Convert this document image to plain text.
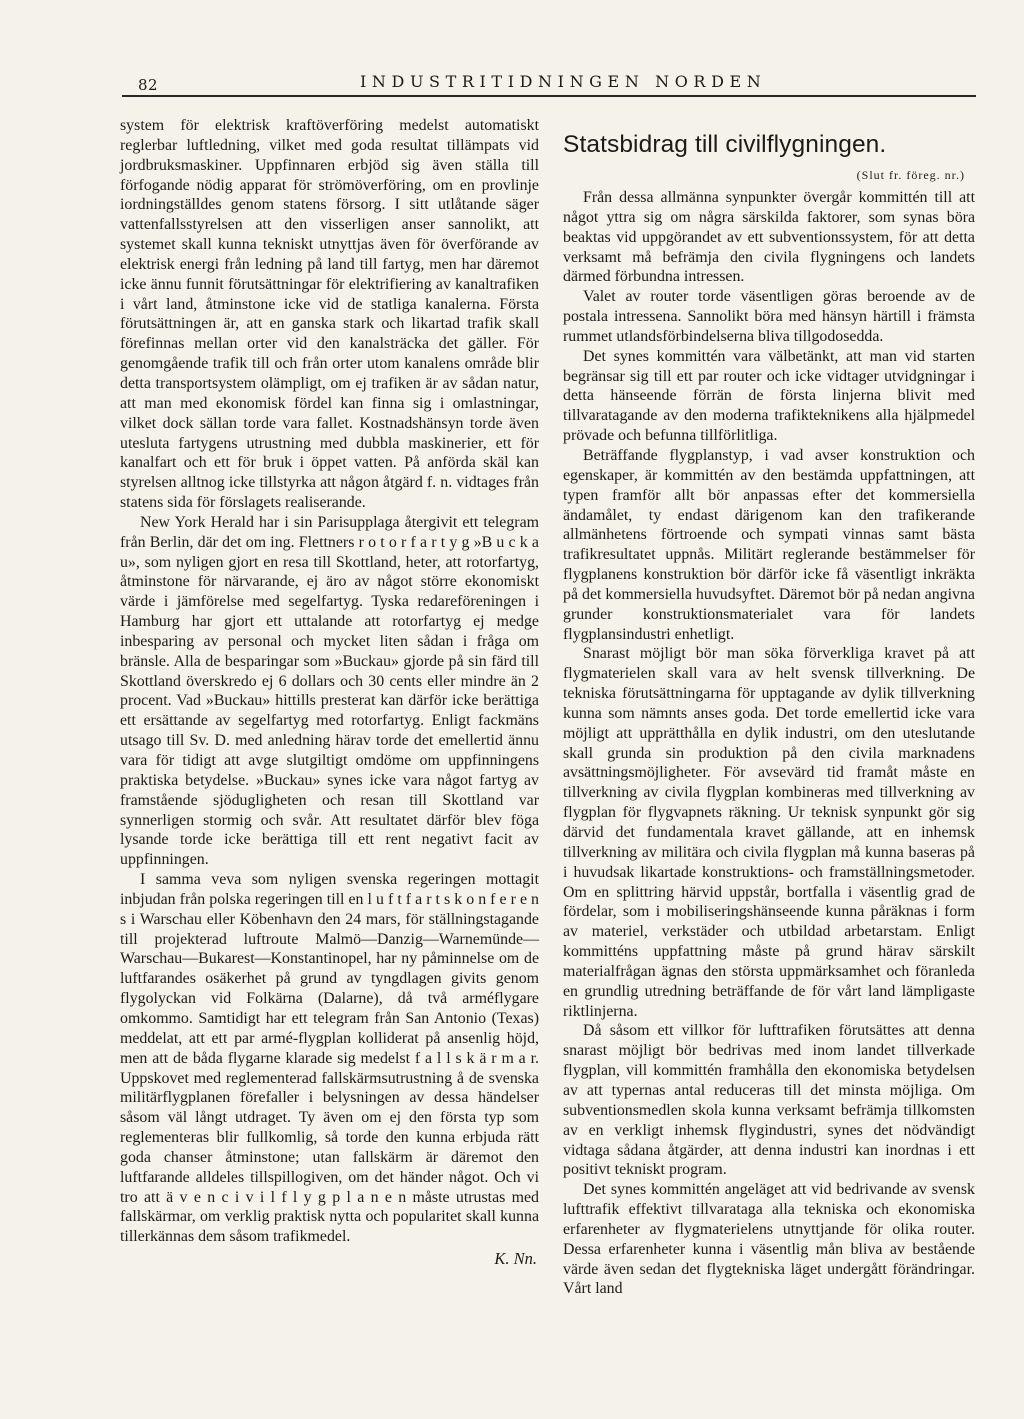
82	INDUSTRITIDNINGEN NORDEN

system för elektrisk kraftöverföring medelst automatiskt reglerbar luftledning, vilket med goda resultat tillämpats vid jordbruksmaskiner. Uppfinnaren erbjöd sig även ställa till förfogande nödig apparat för strömöverföring, om en provlinje iordningställdes genom statens försorg. I sitt utlåtande säger vattenfallsstyrelsen att den visserligen anser sannolikt, att systemet skall kunna tekniskt utnyttjas även för överförande av elektrisk energi från ledning på land till fartyg, men har däremot icke ännu funnit förutsättningar för elektrifiering av kanaltrafiken i vårt land, åtminstone icke vid de statliga kanalerna. Första förutsättningen är, att en ganska stark och likartad trafik skall förefinnas mellan orter vid den kanalsträcka det gäller. För genomgående trafik till och från orter utom kanalens område blir detta transportsystem olämpligt, om ej trafiken är av sådan natur, att man med ekonomisk fördel kan finna sig i omlastningar, vilket dock sällan torde vara fallet. Kostnadshänsyn torde även utesluta fartygens utrustning med dubbla maskinerier, ett för kanalfart och ett för bruk i öppet vatten. På anförda skäl kan styrelsen alltnog icke tillstyrka att någon åtgärd f. n. vidtages från statens sida för förslagets realiserande.

New York Herald har i sin Parisupplaga återgivit ett telegram från Berlin, där det om ing. Flettners r o t o r f a r t y g »B u c k a u», som nyligen gjort en resa till Skottland, heter, att rotorfartyg, åtminstone för närvarande, ej äro av något större ekonomiskt värde i jämförelse med segelfartyg. Tyska redareföreningen i Hamburg har gjort ett uttalande att rotorfartyg ej medge inbesparing av personal och mycket liten sådan i fråga om bränsle. Alla de besparingar som »Buckau» gjorde på sin färd till Skottland överskredo ej 6 dollars och 30 cents eller mindre än 2 procent. Vad »Buckau» hittills presterat kan därför icke berättiga ett ersättande av segelfartyg med rotorfartyg. Enligt fackmäns utsago till Sv. D. med anledning härav torde det emellertid ännu vara för tidigt att avge slutgiltigt omdöme om uppfinningens praktiska betydelse. »Buckau» synes icke vara något fartyg av framstående sjödugligheten och resan till Skottland var synnerligen stormig och svår. Att resultatet därför blev föga lysande torde icke berättiga till ett rent negativt facit av uppfinningen.

I samma veva som nyligen svenska regeringen mottagit inbjudan från polska regeringen till en l u f t f a r t s k o n f e r e n s i Warschau eller Köbenhavn den 24 mars, för ställningstagande till projekterad luftroute Malmö—Danzig—Warnemünde—Warschau—Bukarest—Konstantinopel, har ny påminnelse om de luftfarandes osäkerhet på grund av tyngdlagen givits genom flygolyckan vid Folkärna (Dalarne), då två arméflygare omkommo. Samtidigt har ett telegram från San Antonio (Texas) meddelat, att ett par armé-flygplan kolliderat på ansenlig höjd, men att de båda flygarne klarade sig medelst f a l l s k ä r m a r. Uppskovet med reglementerad fallskärmsutrustning å de svenska militärflygplanen förefaller i belysningen av dessa händelser såsom väl långt utdraget. Ty även om ej den första typ som reglementeras blir fullkomlig, så torde den kunna erbjuda rätt goda chanser åtminstone; utan fallskärm är däremot den luftfarande alldeles tillspillogiven, om det händer något. Och vi tro att ä v e n c i v i l f l y g p l a n e n måste utrustas med fallskärmar, om verklig praktisk nytta och popularitet skall kunna tillerkännas dem såsom trafikmedel.

K. Nn.

Statsbidrag till civilflygningen.

(Slut fr. föreg. nr.)

Från dessa allmänna synpunkter övergår kommittén till att något yttra sig om några särskilda faktorer, som synas böra beaktas vid uppgörandet av ett subventionssystem, för att detta verksamt må befrämja den civila flygningens och landets därmed förbundna intressen.

Valet av router torde väsentligen göras beroende av de postala intressena. Sannolikt böra med hänsyn härtill i främsta rummet utlandsförbindelserna bliva tillgodosedda.

Det synes kommittén vara välbetänkt, att man vid starten begränsar sig till ett par router och icke vidtager utvidgningar i detta hänseende förrän de första linjerna blivit med tillvaratagande av den moderna trafikteknikens alla hjälpmedel prövade och befunna tillförlitliga.

Beträffande flygplanstyp, i vad avser konstruktion och egenskaper, är kommittén av den bestämda uppfattningen, att typen framför allt bör anpassas efter det kommersiella ändamålet, ty endast därigenom kan den trafikerande allmänhetens förtroende och sympati vinnas samt bästa trafikresultatet uppnås. Militärt reglerande bestämmelser för flygplanens konstruktion bör därför icke få väsentligt inkräkta på det kommersiella huvudsyftet. Däremot bör på nedan angivna grunder konstruktionsmaterialet vara för landets flygplansindustri enhetligt.

Snarast möjligt bör man söka förverkliga kravet på att flygmaterielen skall vara av helt svensk tillverkning. De tekniska förutsättningarna för upptagande av dylik tillverkning kunna som nämnts anses goda. Det torde emellertid icke vara möjligt att upprätthålla en dylik industri, om den uteslutande skall grunda sin produktion på den civila marknadens avsättningsmöjligheter. För avsevärd tid framåt måste en tillverkning av civila flygplan kombineras med tillverkning av flygplan för flygvapnets räkning. Ur teknisk synpunkt gör sig därvid det fundamentala kravet gällande, att en inhemsk tillverkning av militära och civila flygplan må kunna baseras på i huvudsak likartade konstruktions- och framställningsmetoder. Om en splittring härvid uppstår, bortfalla i väsentlig grad de fördelar, som i mobiliseringshänseende kunna påräknas i form av materiel, verkstäder och utbildad arbetarstam. Enligt kommitténs uppfattning måste på grund härav särskilt materialfrågan ägnas den största uppmärksamhet och föranleda en grundlig utredning beträffande de för vårt land lämpligaste riktlinjerna.

Då såsom ett villkor för lufttrafiken förutsättes att denna snarast möjligt bör bedrivas med inom landet tillverkade flygplan, vill kommittén framhålla den ekonomiska betydelsen av att typernas antal reduceras till det minsta möjliga. Om subventionsmedlen skola kunna verksamt befrämja tillkomsten av en verkligt inhemsk flygindustri, synes det nödvändigt vidtaga sådana åtgärder, att denna industri kan inordnas i ett positivt tekniskt program.

Det synes kommittén angeläget att vid bedrivande av svensk lufttrafik effektivt tillvarataga alla tekniska och ekonomiska erfarenheter av flygmaterielens utnyttjande för olika router. Dessa erfarenheter kunna i väsentlig mån bliva av bestående värde även sedan det flygtekniska läget undergått förändringar. Vårt land
